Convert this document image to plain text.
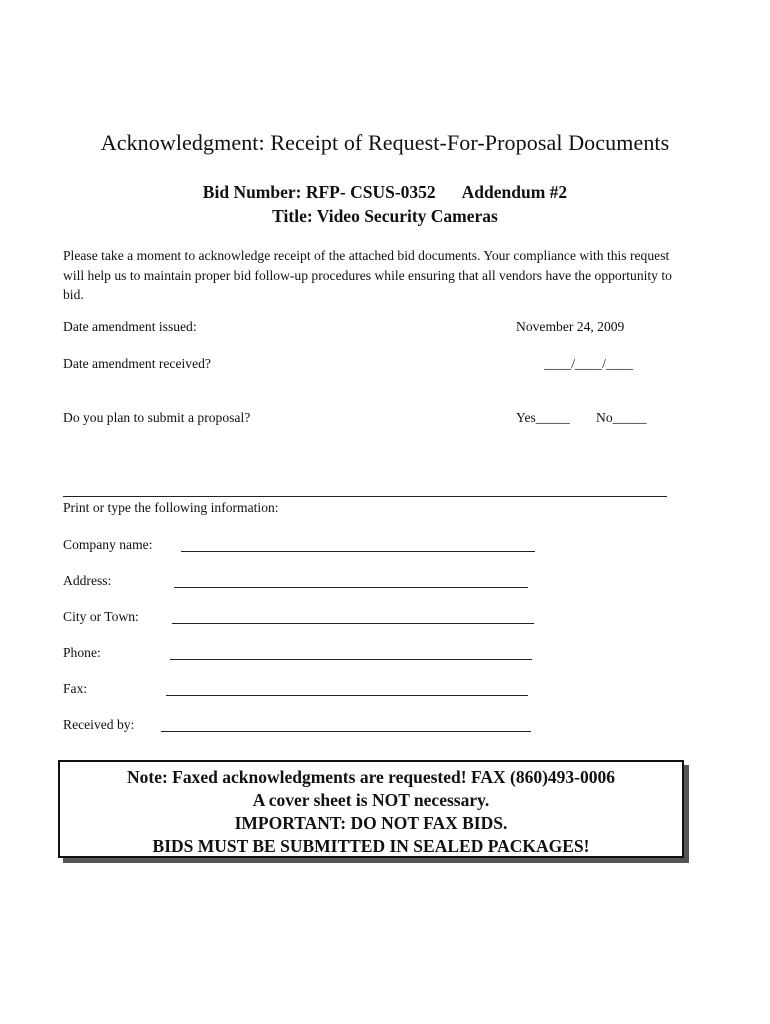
Acknowledgment: Receipt of Request-For-Proposal Documents
Bid Number: RFP- CSUS-0352 Addendum #2
Title: Video Security Cameras
Please take a moment to acknowledge receipt of the attached bid documents. Your compliance with this request will help us to maintain proper bid follow-up procedures while ensuring that all vendors have the opportunity to bid.
Date amendment issued:	November 24, 2009
Date amendment received?	____/____/____
Do you plan to submit a proposal?	Yes_____ No_____
Print or type the following information:
Company name:
Address:
City or Town:
Phone:
Fax:
Received by:
Note: Faxed acknowledgments are requested! FAX (860)493-0006
A cover sheet is NOT necessary.
IMPORTANT: DO NOT FAX BIDS.
BIDS MUST BE SUBMITTED IN SEALED PACKAGES!
